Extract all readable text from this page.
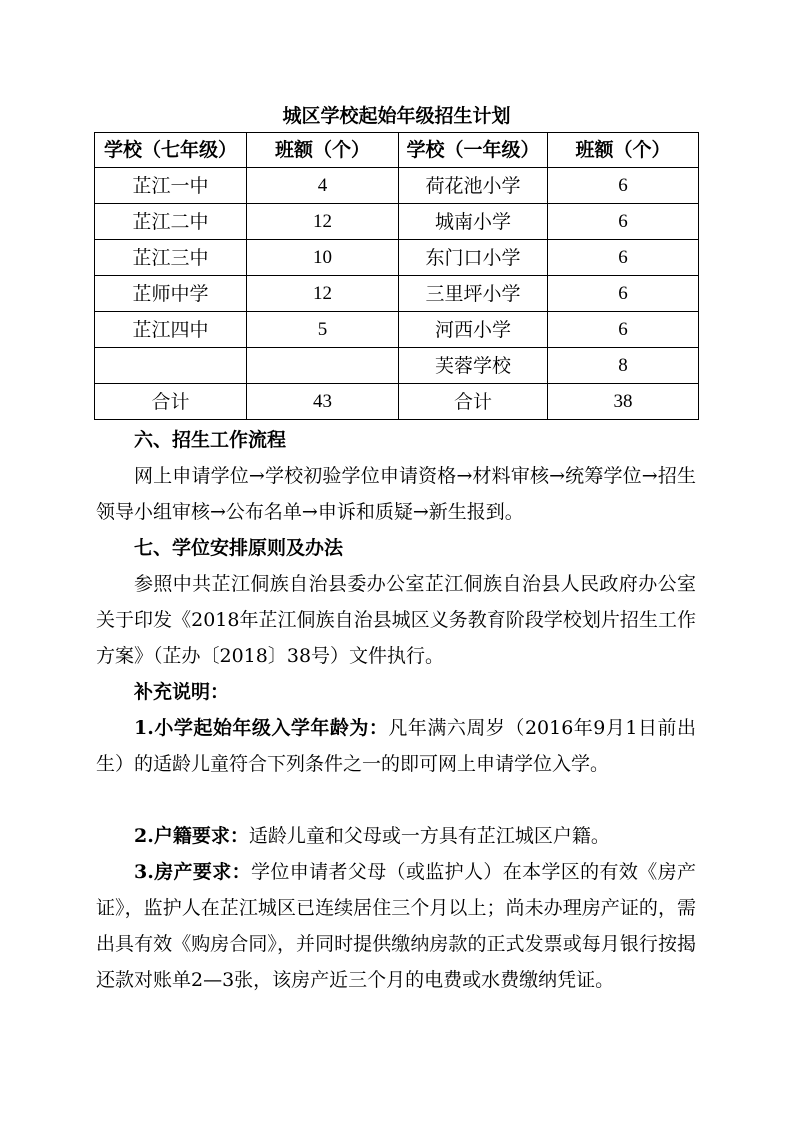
城区学校起始年级招生计划
学校（七年级）	班额（个）	学校（一年级）	班额（个）
芷江一中	4	荷花池小学	6
芷江二中	12	城南小学	6
芷江三中	10	东门口小学	6
芷师中学	12	三里坪小学	6
芷江四中	5	河西小学	6
		芙蓉学校	8
合计	43	合计	38

六、招生工作流程

网上申请学位→学校初验学位申请资格→材料审核→统筹学位→招生领导小组审核→公布名单→申诉和质疑→新生报到。

七、学位安排原则及办法

参照中共芷江侗族自治县委办公室芷江侗族自治县人民政府办公室关于印发《2018年芷江侗族自治县城区义务教育阶段学校划片招生工作方案》（芷办〔2018〕38号）文件执行。

补充说明：

1.小学起始年级入学年龄为：凡年满六周岁（2016年9月1日前出生）的适龄儿童符合下列条件之一的即可网上申请学位入学。

2.户籍要求：适龄儿童和父母或一方具有芷江城区户籍。

3.房产要求：学位申请者父母（或监护人）在本学区的有效《房产证》，监护人在芷江城区已连续居住三个月以上；尚未办理房产证的，需出具有效《购房合同》，并同时提供缴纳房款的正式发票或每月银行按揭还款对账单2—3张，该房产近三个月的电费或水费缴纳凭证。
